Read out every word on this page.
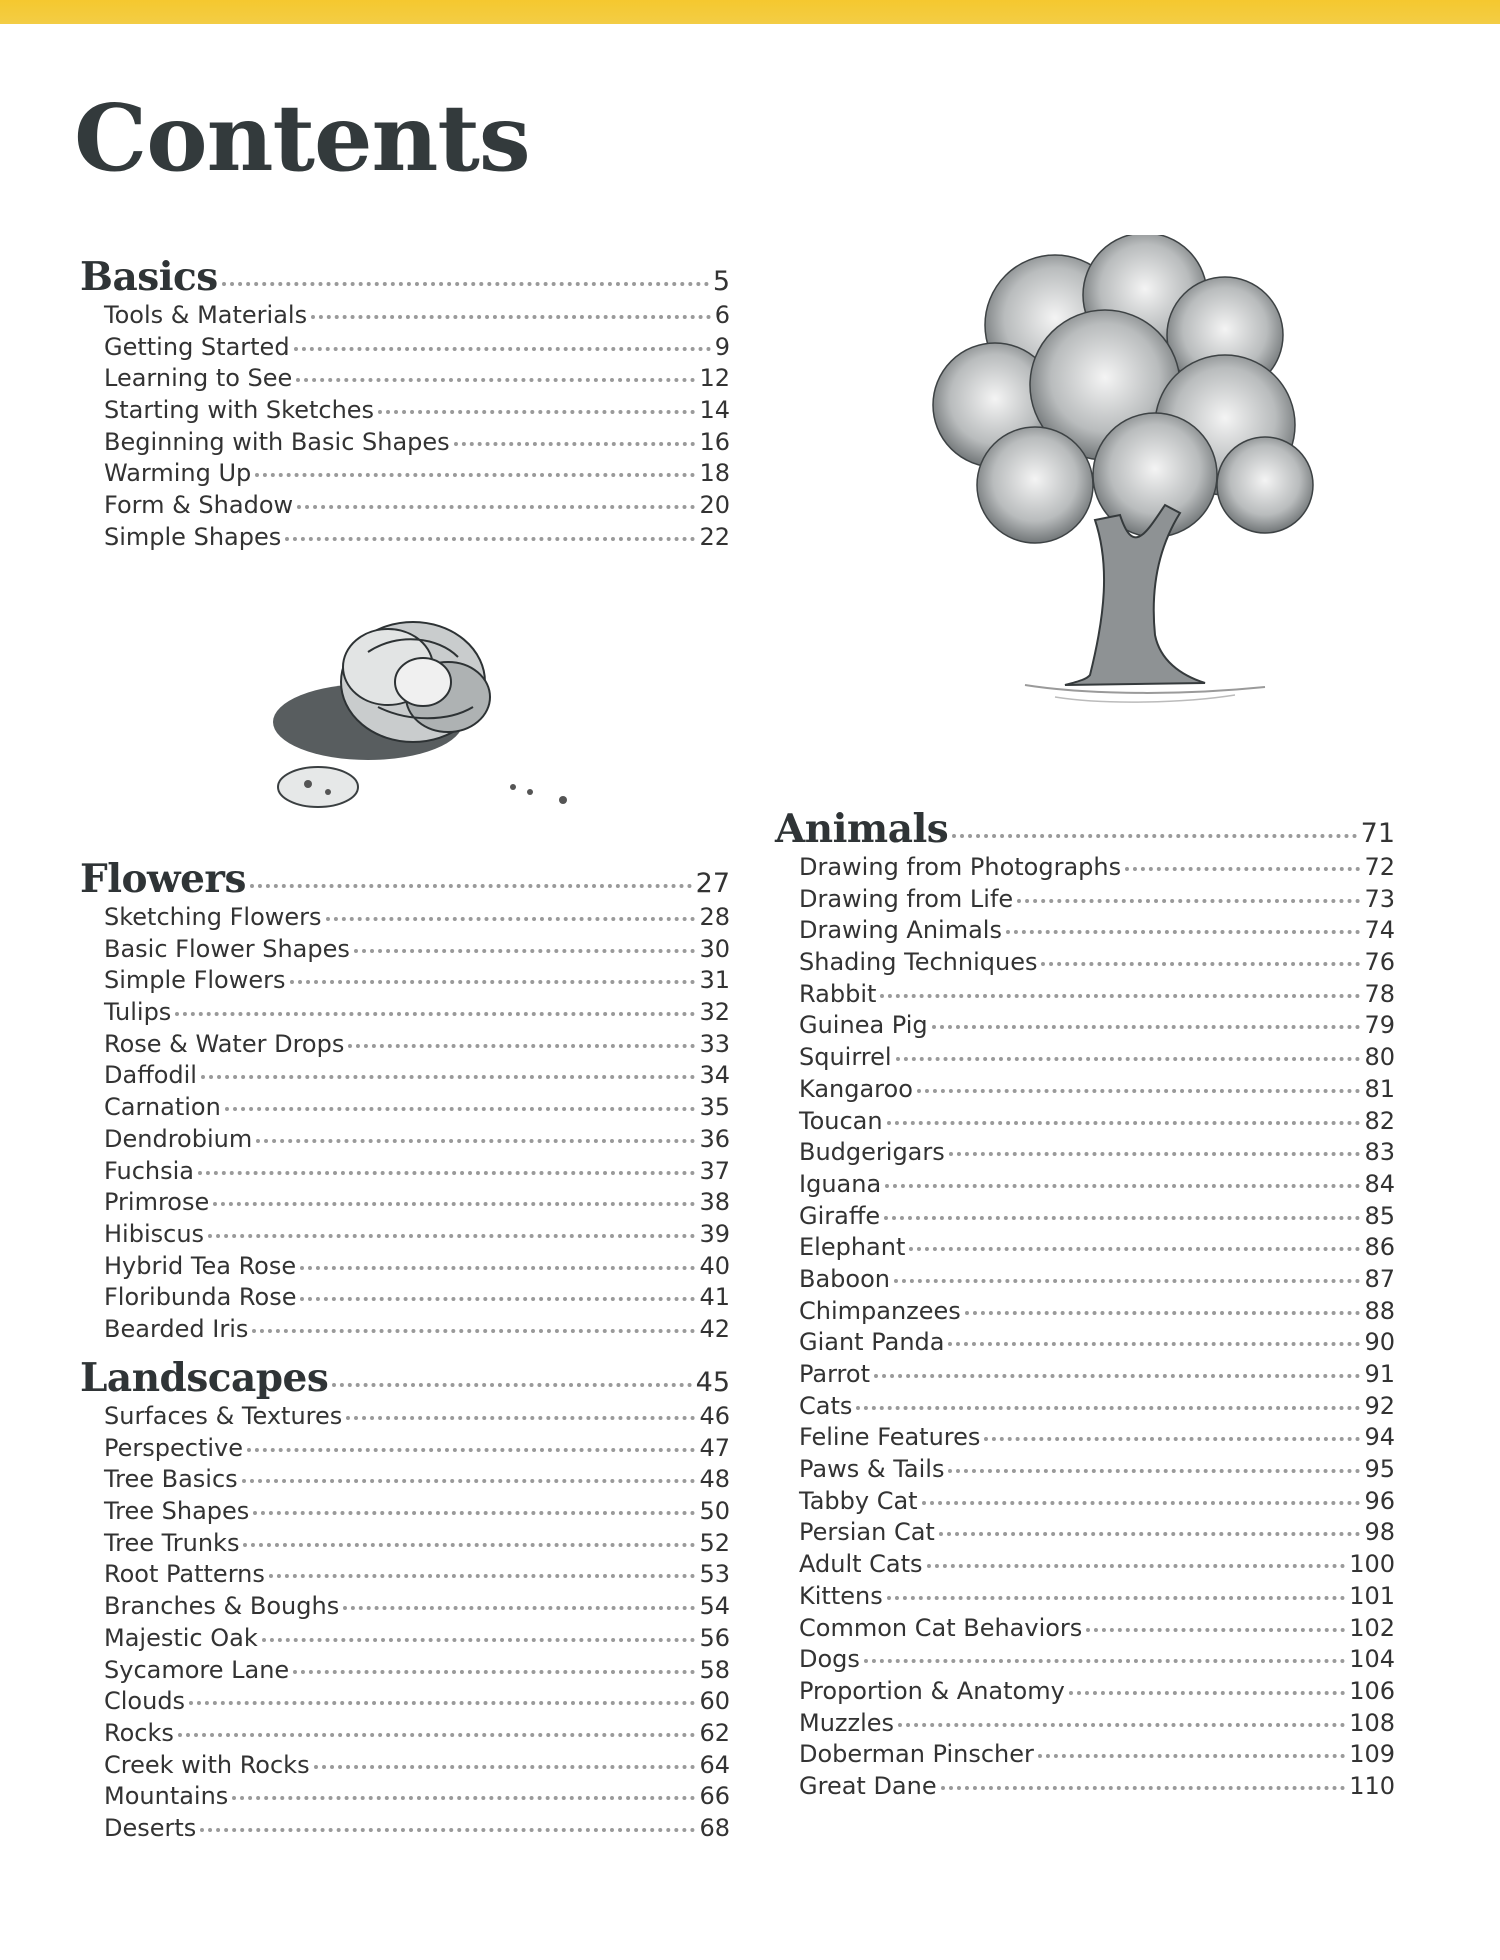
Contents
Basics	5
Tools & Materials	6
Getting Started	9
Learning to See	12
Starting with Sketches	14
Beginning with Basic Shapes	16
Warming Up	18
Form & Shadow	20
Simple Shapes	22
Flowers	27
Sketching Flowers	28
Basic Flower Shapes	30
Simple Flowers	31
Tulips	32
Rose & Water Drops	33
Daffodil	34
Carnation	35
Dendrobium	36
Fuchsia	37
Primrose	38
Hibiscus	39
Hybrid Tea Rose	40
Floribunda Rose	41
Bearded Iris	42
Landscapes	45
Surfaces & Textures	46
Perspective	47
Tree Basics	48
Tree Shapes	50
Tree Trunks	52
Root Patterns	53
Branches & Boughs	54
Majestic Oak	56
Sycamore Lane	58
Clouds	60
Rocks	62
Creek with Rocks	64
Mountains	66
Deserts	68
Animals	71
Drawing from Photographs	72
Drawing from Life	73
Drawing Animals	74
Shading Techniques	76
Rabbit	78
Guinea Pig	79
Squirrel	80
Kangaroo	81
Toucan	82
Budgerigars	83
Iguana	84
Giraffe	85
Elephant	86
Baboon	87
Chimpanzees	88
Giant Panda	90
Parrot	91
Cats	92
Feline Features	94
Paws & Tails	95
Tabby Cat	96
Persian Cat	98
Adult Cats	100
Kittens	101
Common Cat Behaviors	102
Dogs	104
Proportion & Anatomy	106
Muzzles	108
Doberman Pinscher	109
Great Dane	110
